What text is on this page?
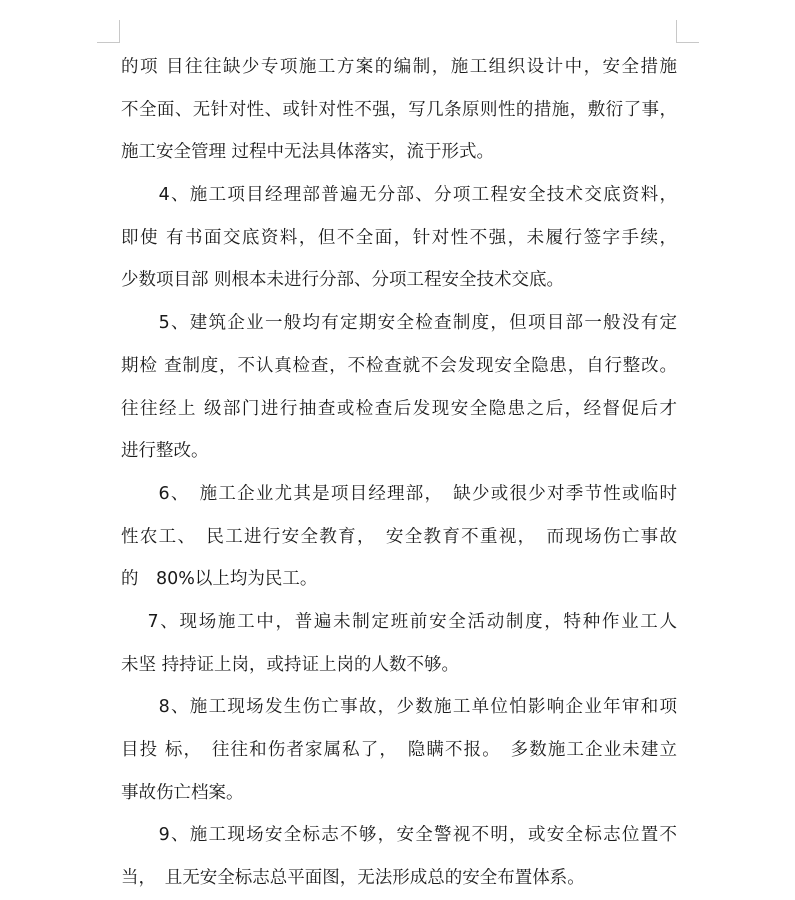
的项 目往往缺少专项施工方案的编制，施工组织设计中，安全措施
不全面、无针对性、或针对性不强，写几条原则性的措施，敷衍了事，
施工安全管理 过程中无法具体落实，流于形式。
　　4、施工项目经理部普遍无分部、分项工程安全技术交底资料，
即使 有书面交底资料，但不全面，针对性不强，未履行签字手续，
少数项目部 则根本未进行分部、分项工程安全技术交底。
　　5、建筑企业一般均有定期安全检查制度，但项目部一般没有定
期检 查制度，不认真检查，不检查就不会发现安全隐患，自行整改。
往往经上 级部门进行抽查或检查后发现安全隐患之后，经督促后才
进行整改。
　　6、　施工企业尤其是项目经理部，　缺少或很少对季节性或临时
性农工、　民工进行安全教育，　安全教育不重视，　而现场伤亡事故
的　80%以上均为民工。
　 7、现场施工中，普遍未制定班前安全活动制度，特种作业工人
未坚 持持证上岗，或持证上岗的人数不够。
　　8、施工现场发生伤亡事故，少数施工单位怕影响企业年审和项
目投 标，　往往和伤者家属私了，　隐瞒不报。　多数施工企业未建立
事故伤亡档案。
　　9、施工现场安全标志不够，安全警视不明，或安全标志位置不
当，　且无安全标志总平面图，无法形成总的安全布置体系。
